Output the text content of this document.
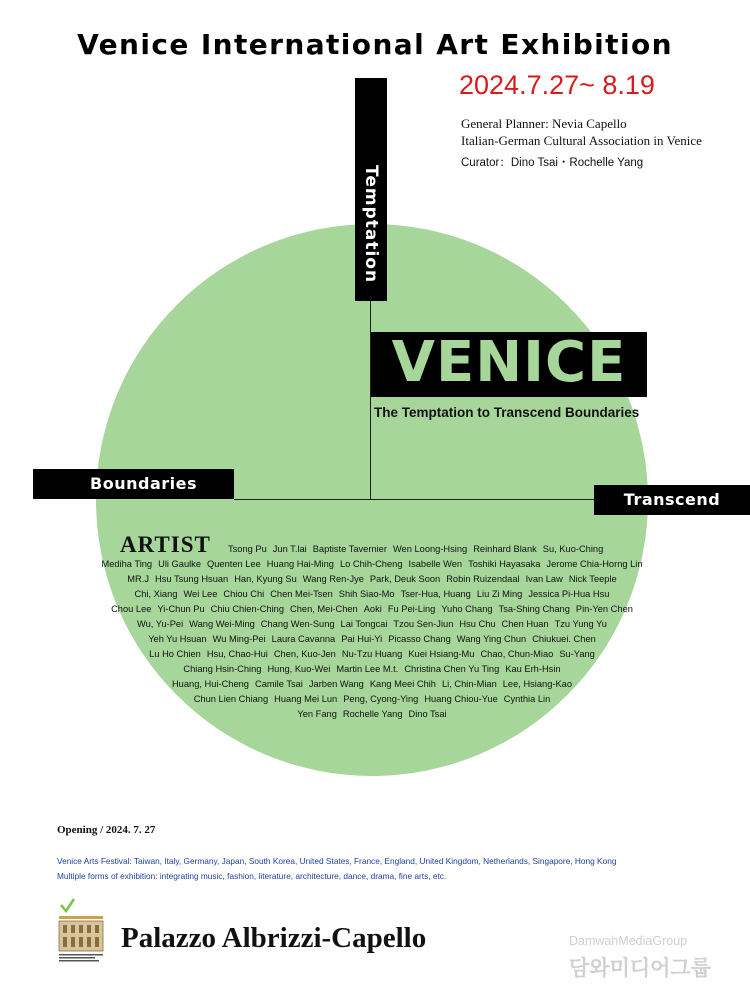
Venice International Art Exhibition
2024.7.27~ 8.19
General Planner: Nevia Capello
Italian-German Cultural Association in Venice
Curator：Dino Tsai・Rochelle Yang
Temptation
VENICE
The Temptation to Transcend Boundaries
Boundaries
Transcend
ARTIST Tsong Pu Jun T.lai Baptiste Tavernier Wen Loong-Hsing Reinhard Blank Su, Kuo-Ching
Mediha Ting Uli Gaulke Quenten Lee Huang Hai-Ming Lo Chih-Cheng Isabelle Wen Toshiki Hayasaka Jerome Chia-Horng Lin
MR.J Hsu Tsung Hsuan Han, Kyung Su Wang Ren-Jye Park, Deuk Soon Robin Ruizendaal Ivan Law Nick Teeple
Chi, Xiang Wei Lee Chiou Chi Chen Mei-Tsen Shih Siao-Mo Tser-Hua, Huang Liu Zi Ming Jessica Pi-Hua Hsu
Chou Lee Yi-Chun Pu Chiu Chien-Ching Chen, Mei-Chen Aoki Fu Pei-Ling Yuho Chang Tsa-Shing Chang Pin-Yen Chen
Wu, Yu-Pei Wang Wei-Ming Chang Wen-Sung Lai Tongcai Tzou Sen-Jiun Hsu Chu Chen Huan Tzu Yung Yu
Yeh Yu Hsuan Wu Ming-Pei Laura Cavanna Pai Hui-Yi Picasso Chang Wang Ying Chun Chiukuei. Chen
Lu Ho Chien Hsu, Chao-Hui Chen, Kuo-Jen Nu-Tzu Huang Kuei Hsiang-Mu Chao, Chun-Miao Su-Yang
Chiang Hsin-Ching Hung, Kuo-Wei Martin Lee M.t. Christina Chen Yu Ting Kau Erh-Hsin
Huang, Hui-Cheng Camile Tsai Jarben Wang Kang Meei Chih Li, Chin-Mian Lee, Hsiang-Kao
Chun Lien Chiang Huang Mei Lun Peng, Cyong-Ying Huang Chiou-Yue Cynthia Lin
Yen Fang Rochelle Yang Dino Tsai
Opening / 2024. 7. 27
Venice Arts Festival: Taiwan, Italy, Germany, Japan, South Korea, United States, France, England, United Kingdom, Netherlands, Singapore, Hong Kong
Multiple forms of exhibition: integrating music, fashion, literature, architecture, dance, drama, fine arts, etc.
Palazzo Albrizzi-Capello	DamwahMediaGroup
담와미디어그룹
